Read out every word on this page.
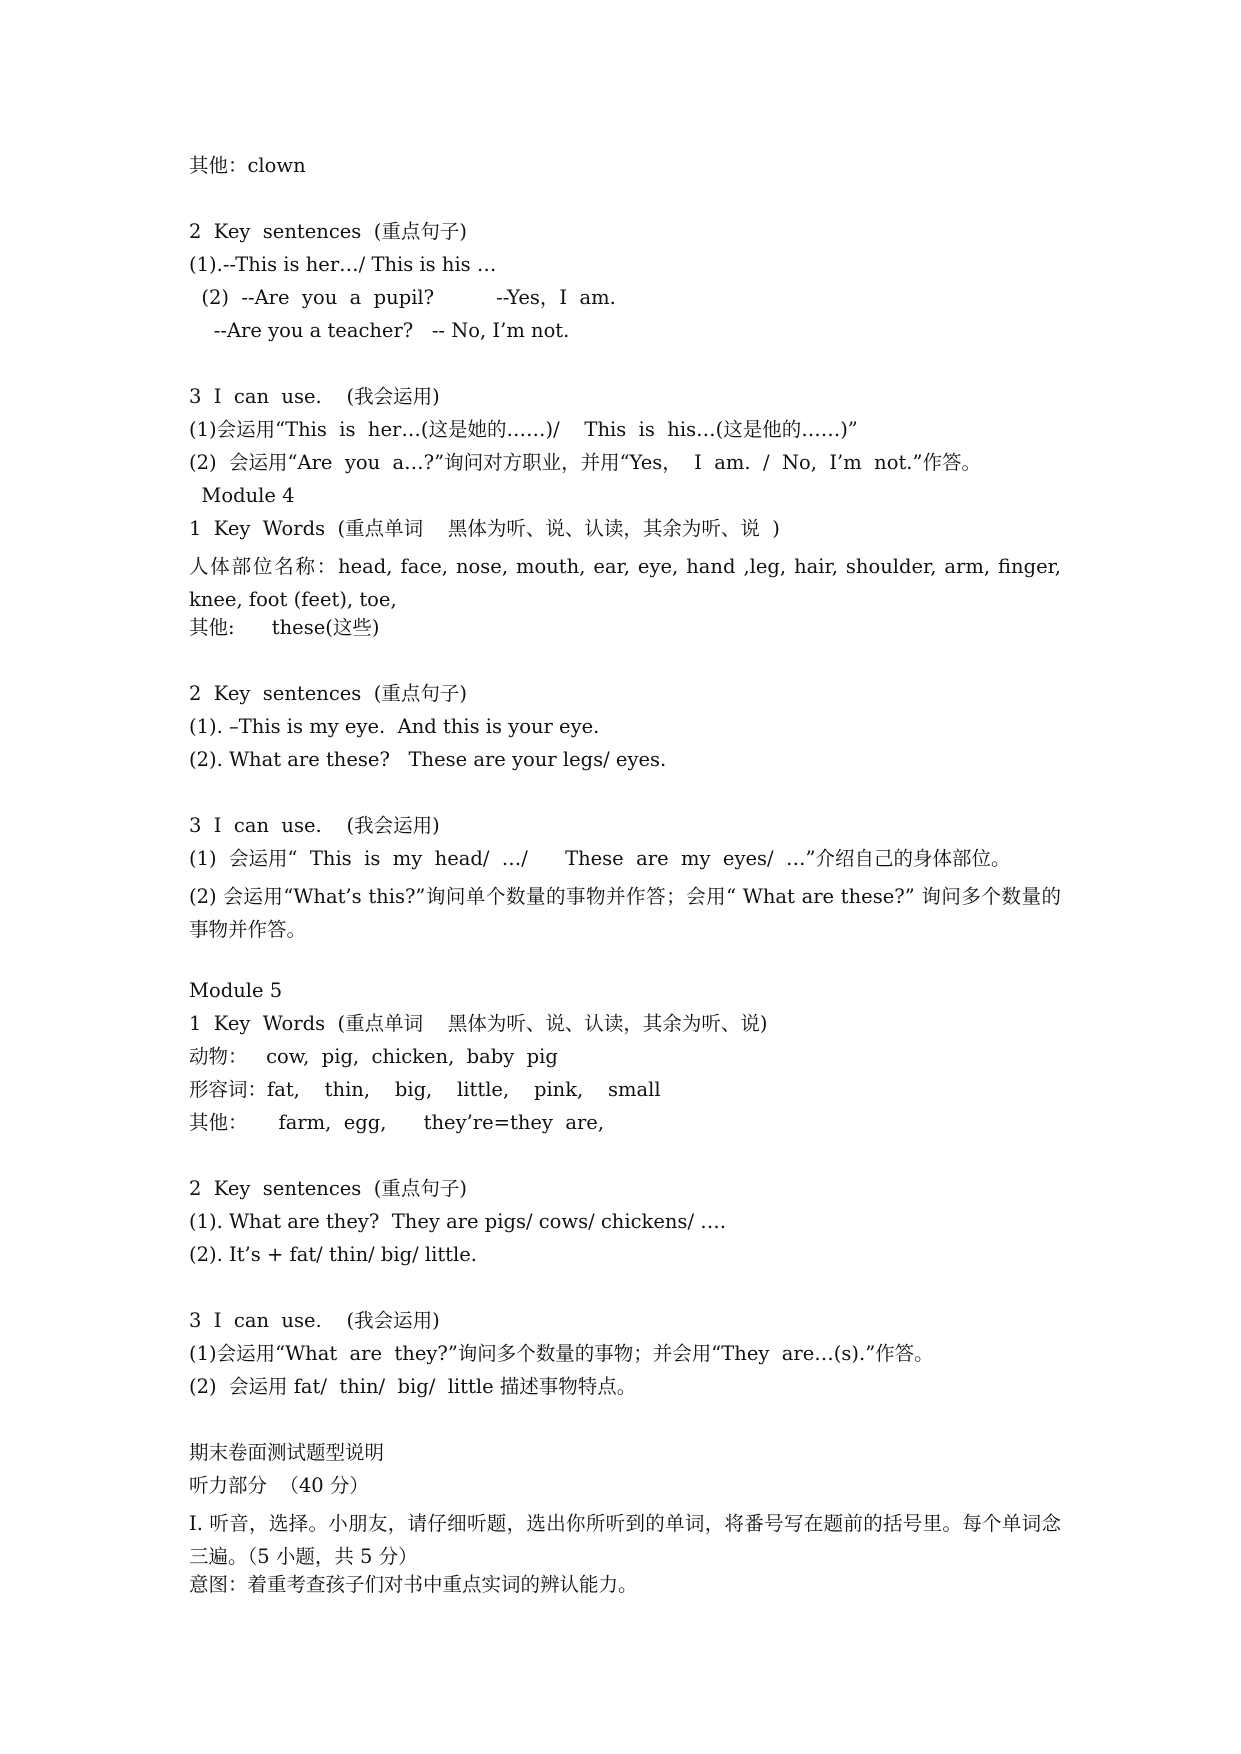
其他：clown
2  Key  sentences  (重点句子)
(1).--This is her…/ This is his …
(2)  --Are  you  a  pupil?          --Yes，I  am.
--Are you a teacher?   -- No, I’m not.
3  I  can  use.    (我会运用)
(1)会运用“This  is  her…(这是她的……)/    This  is  his…(这是他的……)”
(2)  会运用“Are  you  a…?”询问对方职业，并用“Yes，  I  am.  /  No,  I’m  not.”作答。
Module 4
1  Key  Words  (重点单词    黑体为听、说、认读，其余为听、说  )
人体部位名称：head, face, nose, mouth, ear, eye, hand ,leg, hair, shoulder, arm, finger, knee, foot (feet), toe,
其他:      these(这些)
2  Key  sentences  (重点句子)
(1). –This is my eye.  And this is your eye.
(2). What are these?   These are your legs/ eyes.
3  I  can  use.    (我会运用)
(1)  会运用“  This  is  my  head/  …/      These  are  my  eyes/  …”介绍自己的身体部位。
(2) 会运用“What’s this?”询问单个数量的事物并作答；会用“ What are these?” 询问多个数量的事物并作答。
Module 5
1  Key  Words  (重点单词    黑体为听、说、认读，其余为听、说)
动物：   cow,  pig,  chicken,  baby  pig
形容词：fat,    thin,    big,    little,    pink,    small
其他：     farm,  egg,      they’re=they  are,
2  Key  sentences  (重点句子)
(1). What are they?  They are pigs/ cows/ chickens/ ….
(2). It’s + fat/ thin/ big/ little.
3  I  can  use.    (我会运用)
(1)会运用“What  are  they?”询问多个数量的事物；并会用“They  are…(s).”作答。
(2)  会运用 fat/  thin/  big/  little 描述事物特点。
期末卷面测试题型说明
听力部分  （40 分）
I. 听音，选择。小朋友，请仔细听题，选出你所听到的单词，将番号写在题前的括号里。每个单词念三遍。（5 小题，共 5 分）
意图：着重考查孩子们对书中重点实词的辨认能力。
